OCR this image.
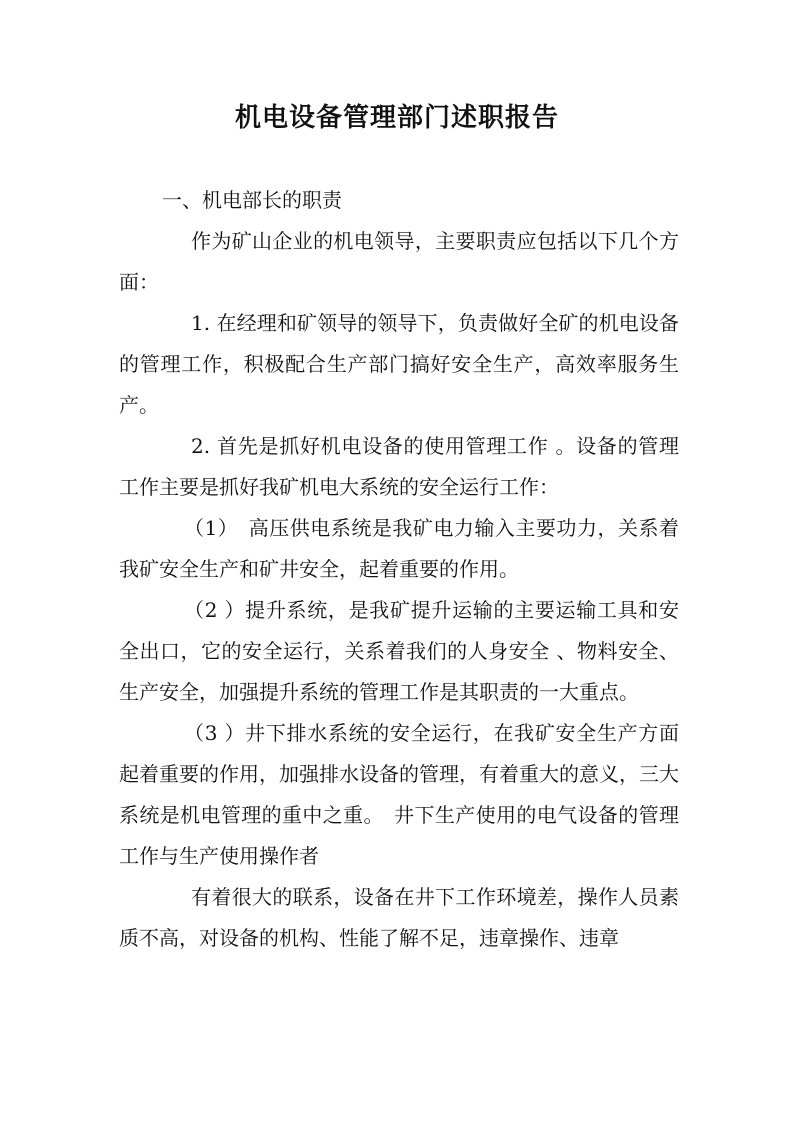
机电设备管理部门述职报告

一、机电部长的职责

作为矿山企业的机电领导，主要职责应包括以下几个方面：

1. 在经理和矿领导的领导下，负责做好全矿的机电设备的管理工作，积极配合生产部门搞好安全生产，高效率服务生产。

2. 首先是抓好机电设备的使用管理工作 。设备的管理工作主要是抓好我矿机电大系统的安全运行工作：

（1）　高压供电系统是我矿电力输入主要功力，关系着我矿安全生产和矿井安全，起着重要的作用。

（2 ）提升系统，是我矿提升运输的主要运输工具和安全出口，它的安全运行，关系着我们的人身安全 、物料安全、生产安全，加强提升系统的管理工作是其职责的一大重点。

（3 ）井下排水系统的安全运行，在我矿安全生产方面起着重要的作用，加强排水设备的管理，有着重大的意义，三大系统是机电管理的重中之重。　井下生产使用的电气设备的管理工作与生产使用操作者

有着很大的联系，设备在井下工作环境差，操作人员素质不高，对设备的机构、性能了解不足，违章操作、违章
